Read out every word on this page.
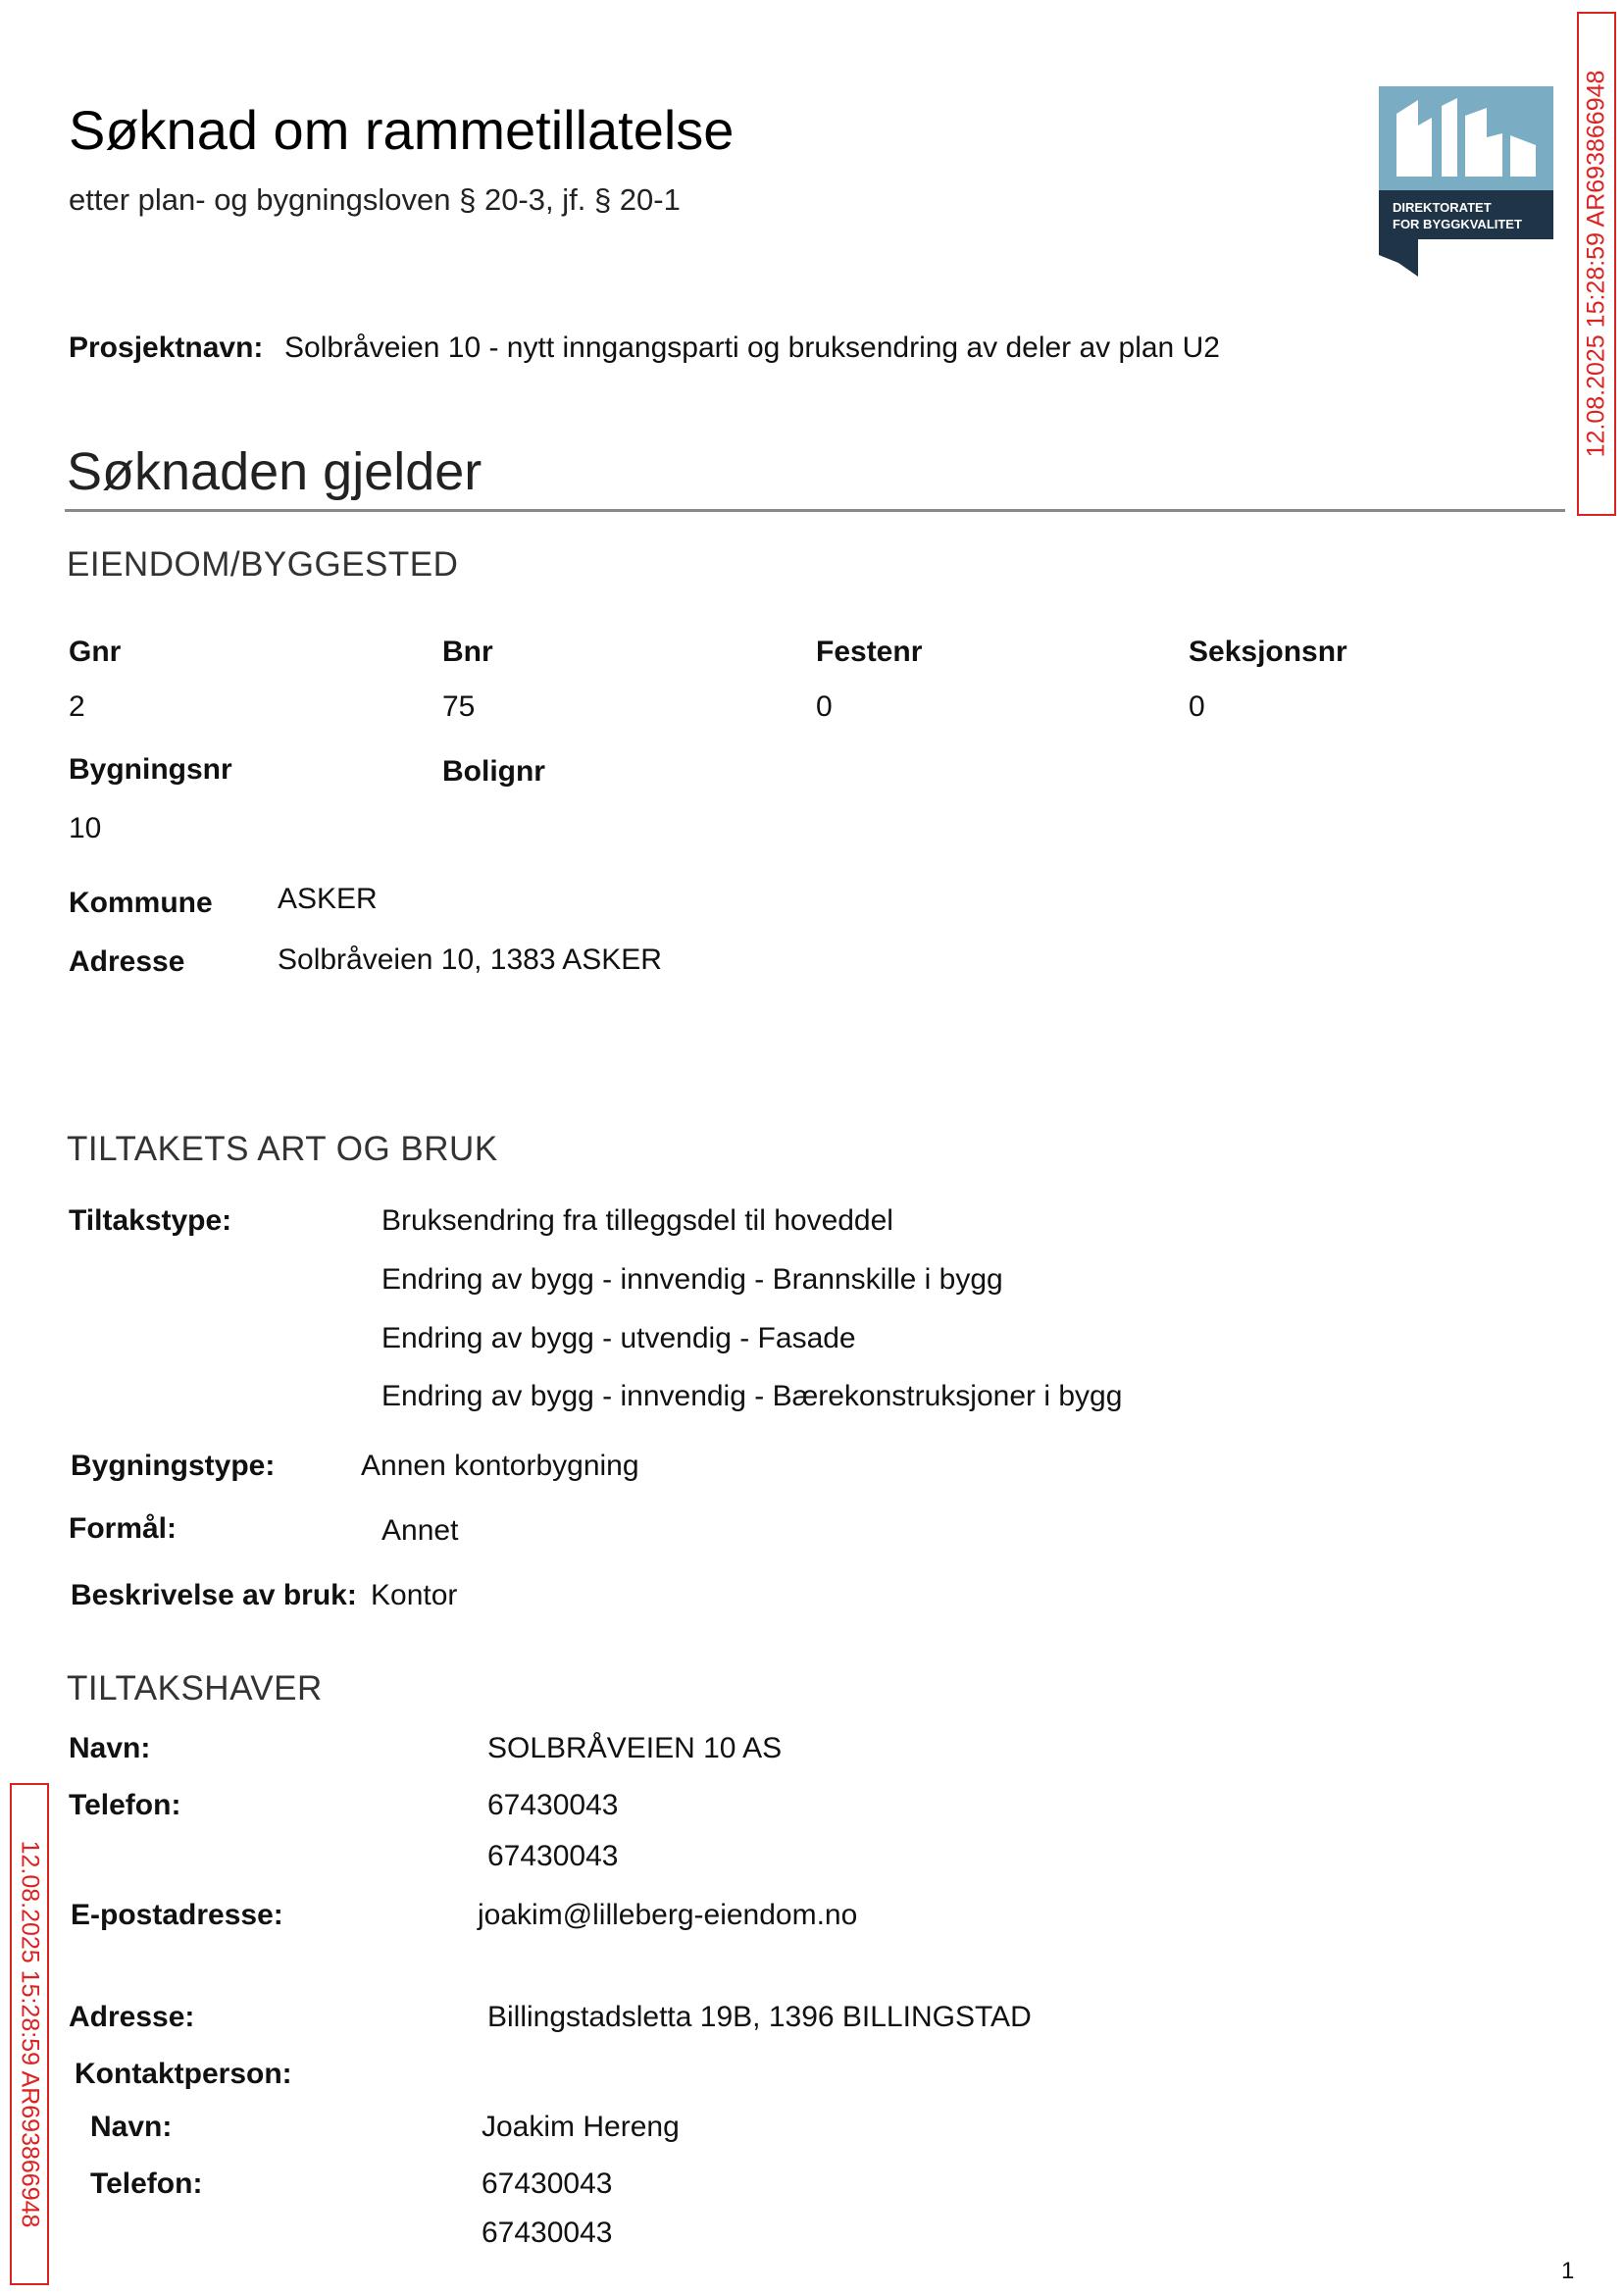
Søknad om rammetillatelse
etter plan- og bygningsloven § 20-3, jf. § 20-1	DIREKTORATET
FOR BYGGKVALITET 12.08.2025 15:28:59 AR693866948
12.08.2025 15:28:59 AR693866948
Prosjektnavn: Solbråveien 10 - nytt inngangsparti og bruksendring av deler av plan U2
Søknaden gjelder
EIENDOM/BYGGESTED
Gnr	Bnr	Festenr	Seksjonsnr
2	75	0	0
Bygningsnr	Bolignr
10
Kommune ASKER
Adresse	Solbråveien 10, 1383 ASKER
TILTAKETS ART OG BRUK
Tiltakstype:	Bruksendring fra tilleggsdel til hoveddel
Endring av bygg - innvendig - Brannskille i bygg
Endring av bygg - utvendig - Fasade
Endring av bygg - innvendig - Bærekonstruksjoner i bygg
Bygningstype:	Annen kontorbygning
Formål:	Annet
Beskrivelse av bruk: Kontor
TILTAKSHAVER
Navn:	SOLBRÅVEIEN 10 AS
Telefon:	67430043
67430043
E-postadresse:	joakim@lilleberg-eiendom.no
Adresse:	Billingstadsletta 19B, 1396 BILLINGSTAD
Kontaktperson:
Navn:	Joakim Hereng
Telefon:	67430043
67430043
1
